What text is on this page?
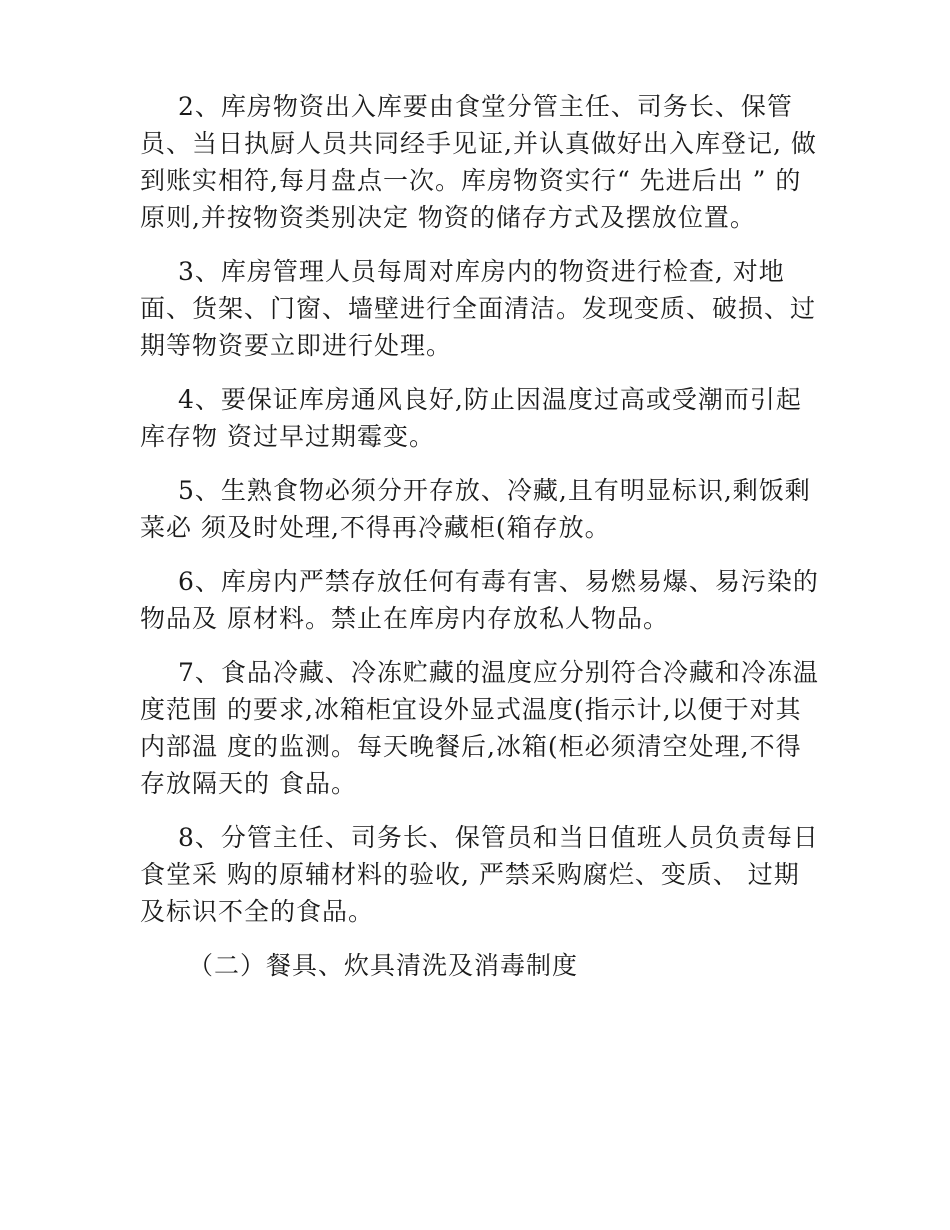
2、库房物资出入库要由食堂分管主任、司务长、保管员、当日执厨人员共同经手见证,并认真做好出入库登记, 做到账实相符,每月盘点一次。库房物资实行“ 先进后出 ” 的原则,并按物资类别决定 物资的储存方式及摆放位置。

3、库房管理人员每周对库房内的物资进行检查, 对地面、货架、门窗、墙壁进行全面清洁。发现变质、破损、过期等物资要立即进行处理。

4、要保证库房通风良好,防止因温度过高或受潮而引起库存物 资过早过期霉变。

5、生熟食物必须分开存放、冷藏,且有明显标识,剩饭剩菜必 须及时处理,不得再冷藏柜(箱存放。

6、库房内严禁存放任何有毒有害、易燃易爆、易污染的物品及 原材料。禁止在库房内存放私人物品。

7、食品冷藏、冷冻贮藏的温度应分别符合冷藏和冷冻温度范围 的要求,冰箱柜宜设外显式温度(指示计,以便于对其内部温 度的监测。每天晚餐后,冰箱(柜必须清空处理,不得存放隔天的 食品。

8、分管主任、司务长、保管员和当日值班人员负责每日食堂采 购的原辅材料的验收, 严禁采购腐烂、变质、 过期及标识不全的食品。

（二）餐具、炊具清洗及消毒制度
